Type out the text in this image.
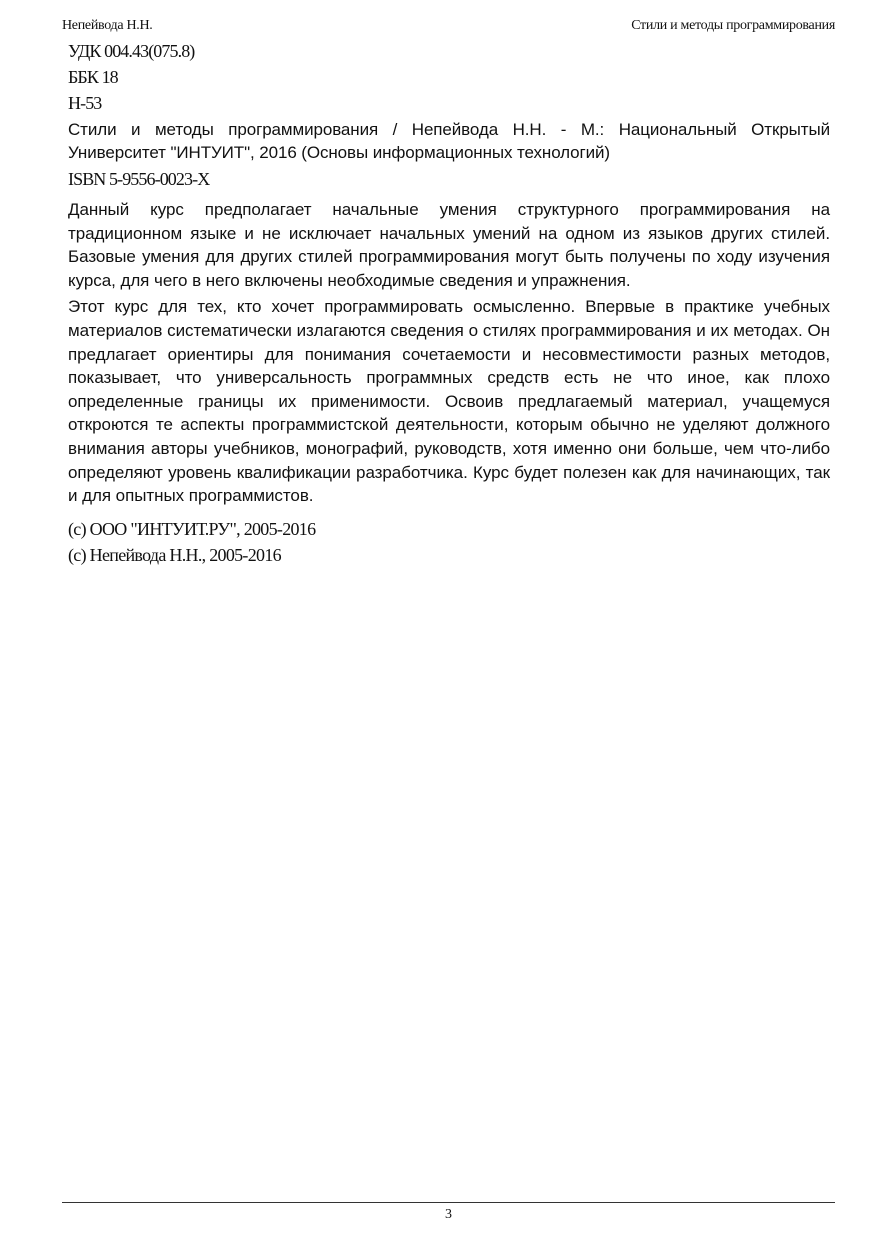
Непейвода Н.Н.	Стили и методы программирования

УДК 004.43(075.8)

ББК 18

Н-53

Стили и методы программирования / Непейвода Н.Н. - М.: Национальный Открытый Университет "ИНТУИТ", 2016 (Основы информационных технологий)

ISBN 5-9556-0023-X

Данный курс предполагает начальные умения структурного программирования на традиционном языке и не исключает начальных умений на одном из языков других стилей. Базовые умения для других стилей программирования могут быть получены по ходу изучения курса, для чего в него включены необходимые сведения и упражнения.

Этот курс для тех, кто хочет программировать осмысленно. Впервые в практике учебных материалов систематически излагаются сведения о стилях программирования и их методах. Он предлагает ориентиры для понимания сочетаемости и несовместимости разных методов, показывает, что универсальность программных средств есть не что иное, как плохо определенные границы их применимости. Освоив предлагаемый материал, учащемуся откроются те аспекты программистской деятельности, которым обычно не уделяют должного внимания авторы учебников, монографий, руководств, хотя именно они больше, чем что-либо определяют уровень квалификации разработчика. Курс будет полезен как для начинающих, так и для опытных программистов.

(c) ООО "ИНТУИТ.РУ", 2005-2016

(c) Непейвода Н.Н., 2005-2016

3
